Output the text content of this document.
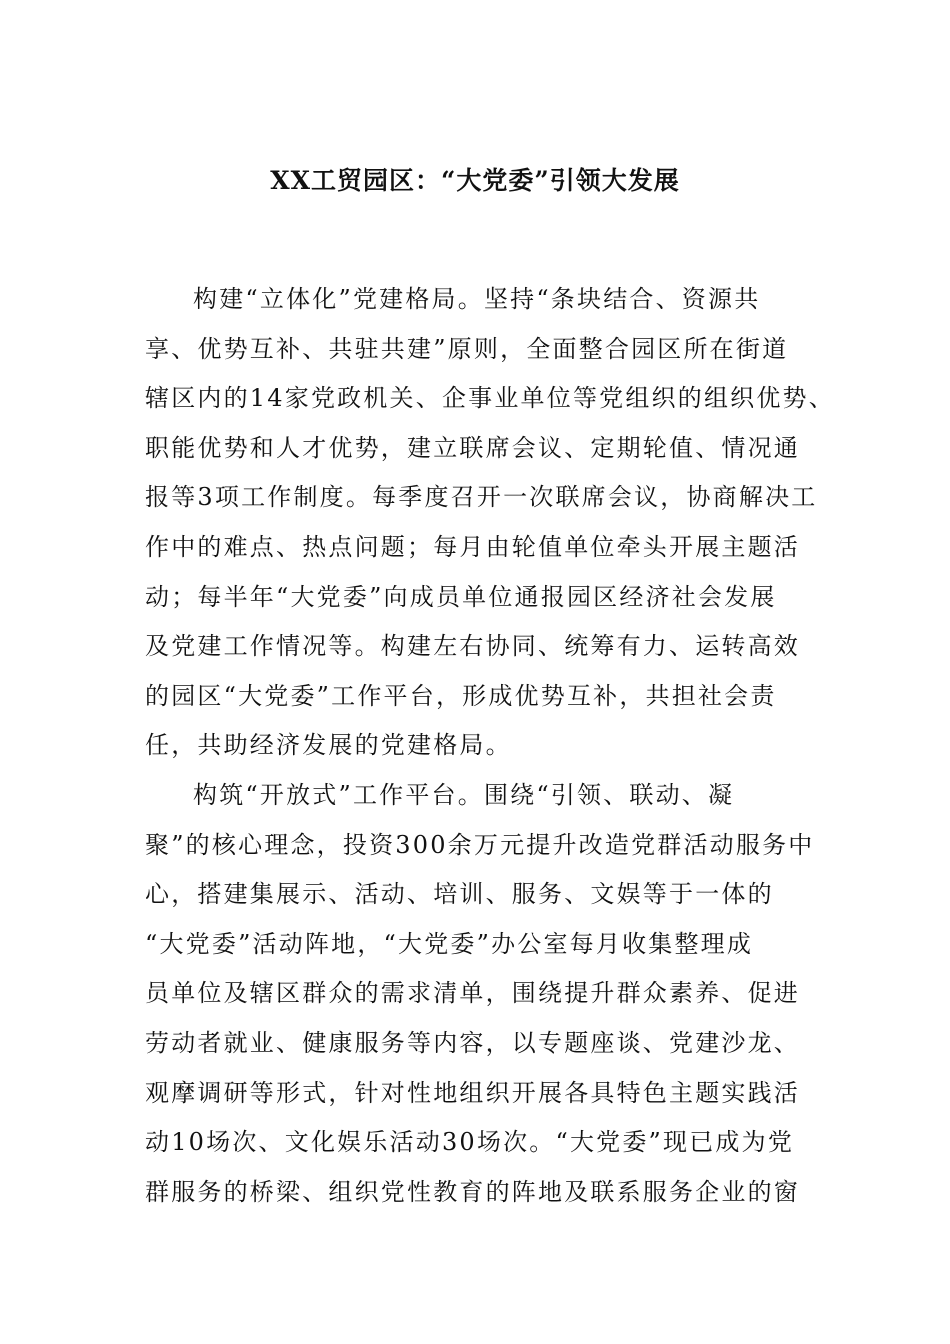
XX工贸园区：“大党委”引领大发展
构建“立体化”党建格局。坚持“条块结合、资源共
享、优势互补、共驻共建”原则，全面整合园区所在街道
辖区内的14家党政机关、企事业单位等党组织的组织优势、
职能优势和人才优势，建立联席会议、定期轮值、情况通
报等3项工作制度。每季度召开一次联席会议，协商解决工
作中的难点、热点问题；每月由轮值单位牵头开展主题活
动；每半年“大党委”向成员单位通报园区经济社会发展
及党建工作情况等。构建左右协同、统筹有力、运转高效
的园区“大党委”工作平台，形成优势互补，共担社会责
任，共助经济发展的党建格局。
构筑“开放式”工作平台。围绕“引领、联动、凝
聚”的核心理念，投资300余万元提升改造党群活动服务中
心，搭建集展示、活动、培训、服务、文娱等于一体的
“大党委”活动阵地，“大党委”办公室每月收集整理成
员单位及辖区群众的需求清单，围绕提升群众素养、促进
劳动者就业、健康服务等内容，以专题座谈、党建沙龙、
观摩调研等形式，针对性地组织开展各具特色主题实践活
动10场次、文化娱乐活动30场次。“大党委”现已成为党
群服务的桥梁、组织党性教育的阵地及联系服务企业的窗
